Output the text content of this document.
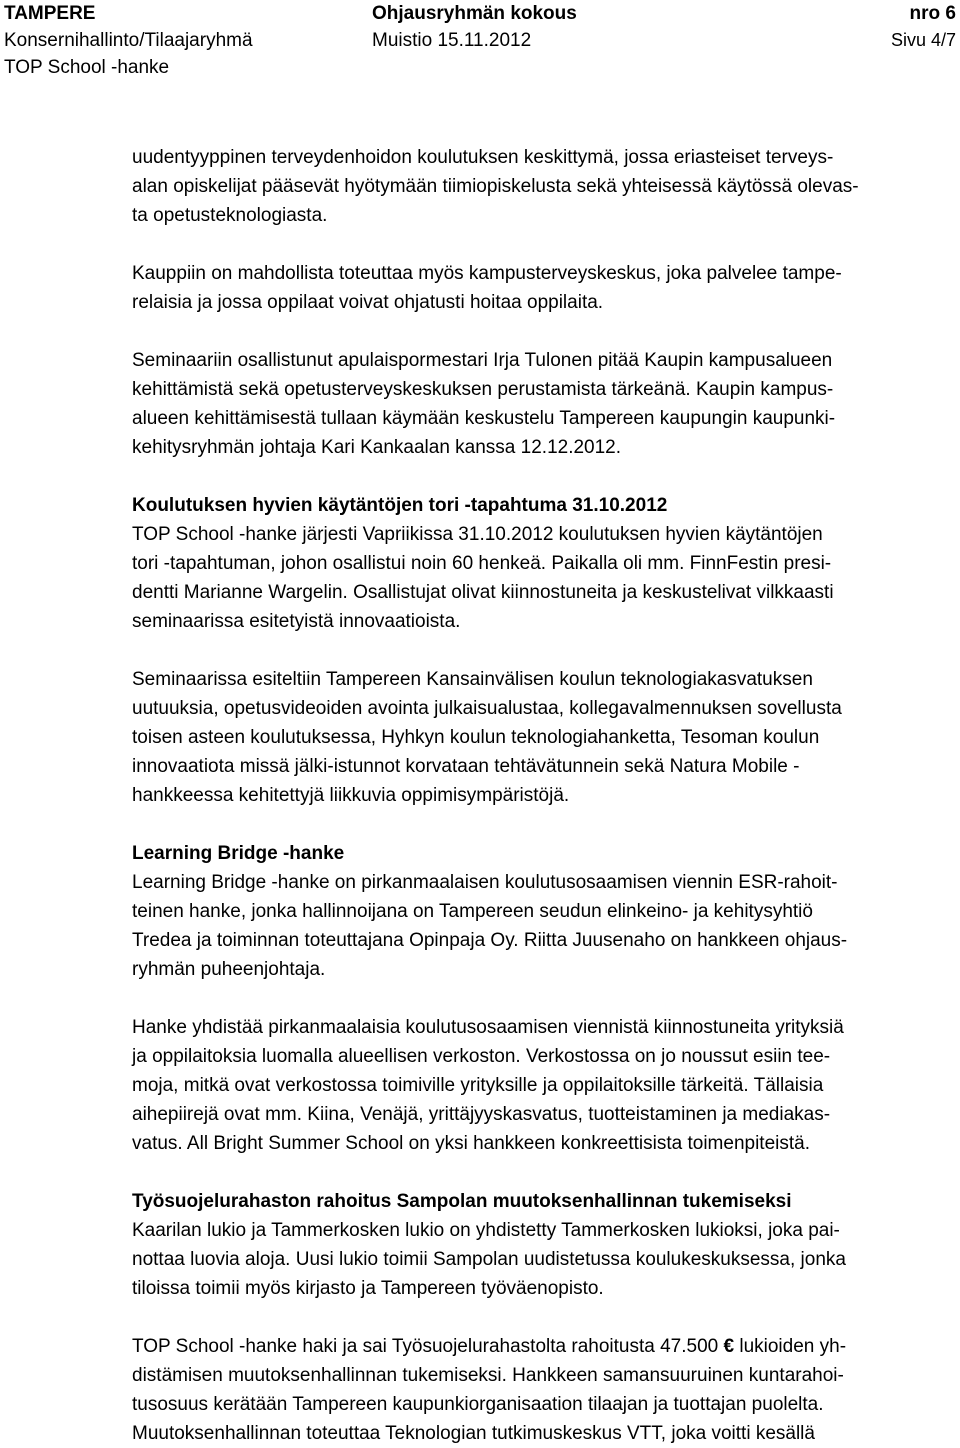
TAMPERE	Ohjausryhmän kokous	nro 6
Konsernihallinto/Tilaajaryhmä	Muistio 15.11.2012	Sivu 4/7
TOP School -hanke

uudentyyppinen terveydenhoidon koulutuksen keskittymä, jossa eriasteiset terveys-
alan opiskelijat pääsevät hyötymään tiimiopiskelusta sekä yhteisessä käytössä olevas-
ta opetusteknologiasta.

Kauppiin on mahdollista toteuttaa myös kampusterveyskeskus, joka palvelee tampe-
relaisia ja jossa oppilaat voivat ohjatusti hoitaa oppilaita.

Seminaariin osallistunut apulaispormestari Irja Tulonen pitää Kaupin kampusalueen
kehittämistä sekä opetusterveyskeskuksen perustamista tärkeänä. Kaupin kampus-
alueen kehittämisestä tullaan käymään keskustelu Tampereen kaupungin kaupunki-
kehitysryhmän johtaja Kari Kankaalan kanssa 12.12.2012.

Koulutuksen hyvien käytäntöjen tori -tapahtuma 31.10.2012

TOP School -hanke järjesti Vapriikissa 31.10.2012 koulutuksen hyvien käytäntöjen
tori -tapahtuman, johon osallistui noin 60 henkeä. Paikalla oli mm. FinnFestin presi-
dentti Marianne Wargelin. Osallistujat olivat kiinnostuneita ja keskustelivat vilkkaasti
seminaarissa esitetyistä innovaatioista.

Seminaarissa esiteltiin Tampereen Kansainvälisen koulun teknologiakasvatuksen
uutuuksia, opetusvideoiden avointa julkaisualustaa, kollegavalmennuksen sovellusta
toisen asteen koulutuksessa, Hyhkyn koulun teknologiahanketta, Tesoman koulun
innovaatiota missä jälki-istunnot korvataan tehtävätunnein sekä Natura Mobile -
hankkeessa kehitettyjä liikkuvia oppimisympäristöjä.

Learning Bridge -hanke

Learning Bridge -hanke on pirkanmaalaisen koulutusosaamisen viennin ESR-rahoit-
teinen hanke, jonka hallinnoijana on Tampereen seudun elinkeino- ja kehitysyhtiö
Tredea ja toiminnan toteuttajana Opinpaja Oy. Riitta Juusenaho on hankkeen ohjaus-
ryhmän puheenjohtaja.

Hanke yhdistää pirkanmaalaisia koulutusosaamisen viennistä kiinnostuneita yrityksiä
ja oppilaitoksia luomalla alueellisen verkoston. Verkostossa on jo noussut esiin tee-
moja, mitkä ovat verkostossa toimiville yrityksille ja oppilaitoksille tärkeitä. Tällaisia
aihepiirejä ovat mm. Kiina, Venäjä, yrittäjyyskasvatus, tuotteistaminen ja mediakas-
vatus. All Bright Summer School on yksi hankkeen konkreettisista toimenpiteistä.

Työsuojelurahaston rahoitus Sampolan muutoksenhallinnan tukemiseksi

Kaarilan lukio ja Tammerkosken lukio on yhdistetty Tammerkosken lukioksi, joka pai-
nottaa luovia aloja. Uusi lukio toimii Sampolan uudistetussa koulukeskuksessa, jonka
tiloissa toimii myös kirjasto ja Tampereen työväenopisto.

TOP School -hanke haki ja sai Työsuojelurahastolta rahoitusta 47.500 € lukioiden yh-
distämisen muutoksenhallinnan tukemiseksi. Hankkeen samansuuruinen kuntarahoi-
tusosuus kerätään Tampereen kaupunkiorganisaation tilaajan ja tuottajan puolelta.
Muutoksenhallinnan toteuttaa Teknologian tutkimuskeskus VTT, joka voitti kesällä
